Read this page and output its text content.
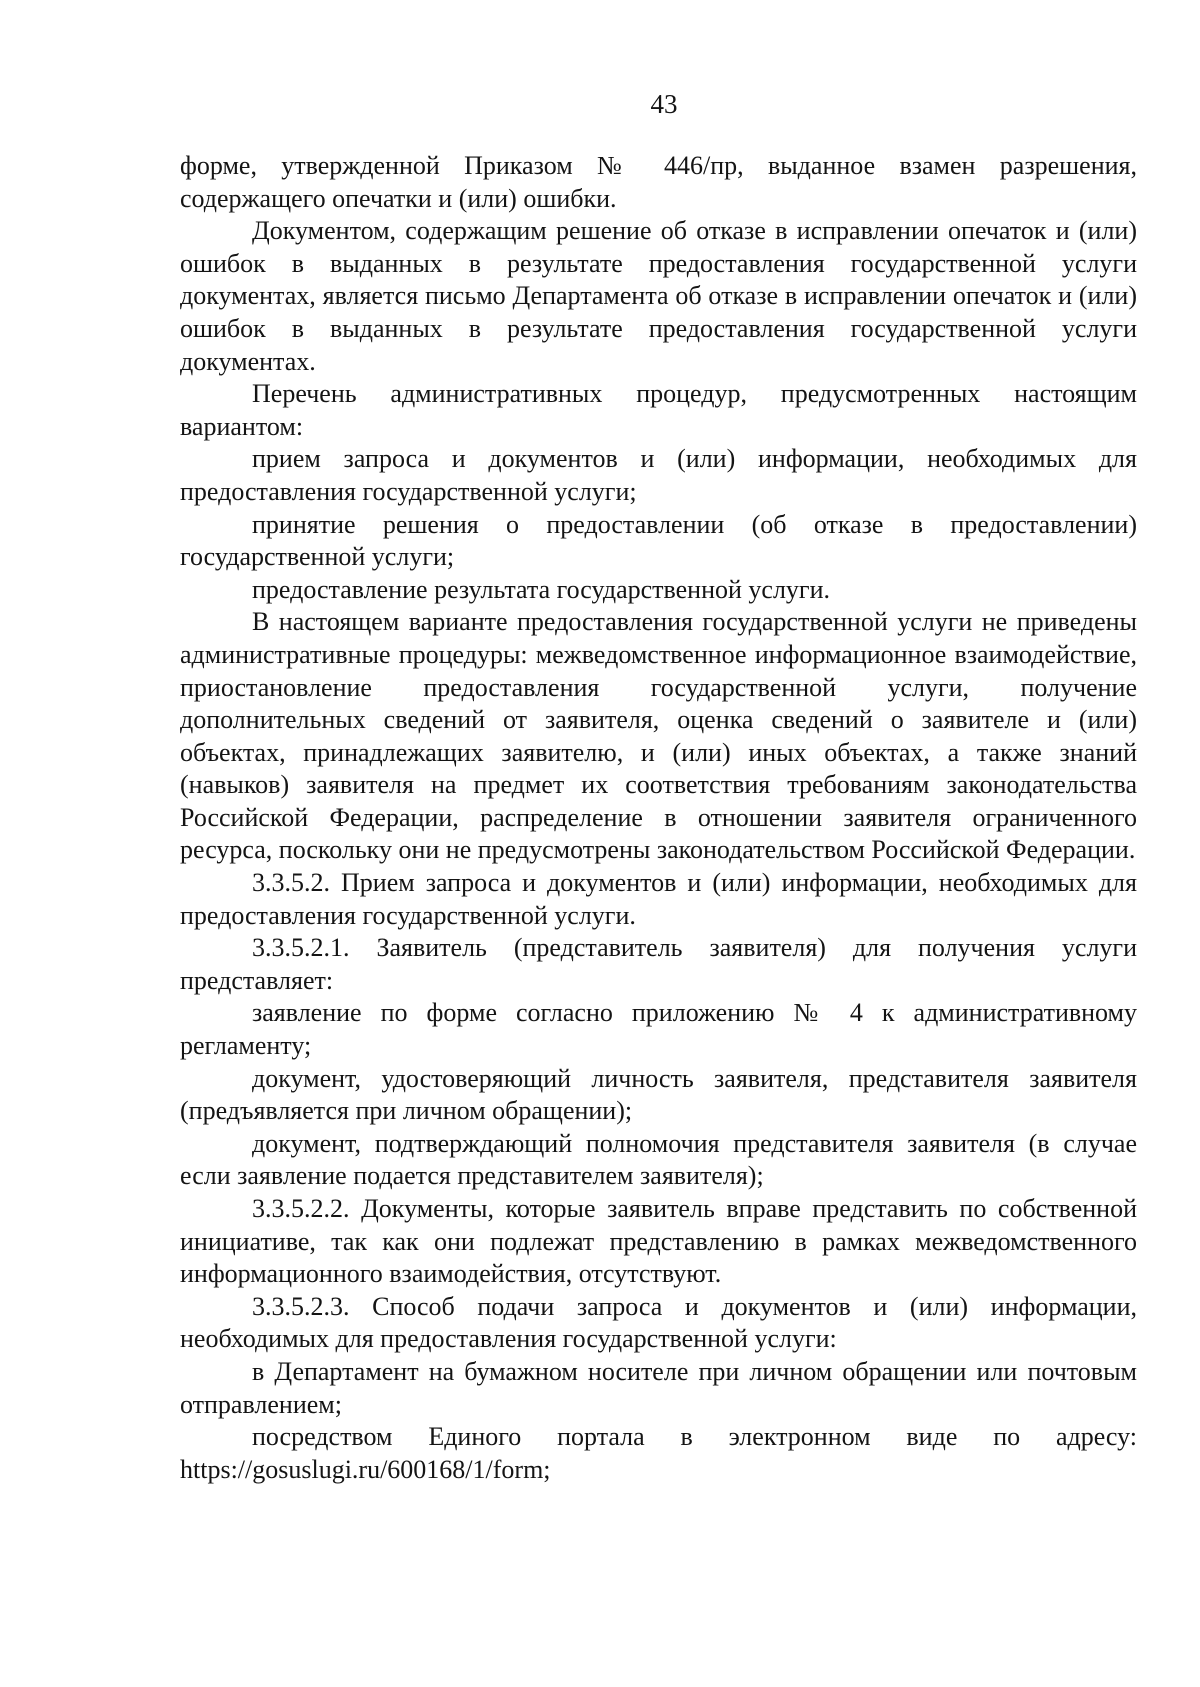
43

форме, утвержденной Приказом № 446/пр, выданное взамен разрешения, содержащего опечатки и (или) ошибки.

Документом, содержащим решение об отказе в исправлении опечаток и (или) ошибок в выданных в результате предоставления государственной услуги документах, является письмо Департамента об отказе в исправлении опечаток и (или) ошибок в выданных в результате предоставления государственной услуги документах.

Перечень административных процедур, предусмотренных настоящим вариантом:

прием запроса и документов и (или) информации, необходимых для предоставления государственной услуги;

принятие решения о предоставлении (об отказе в предоставлении) государственной услуги;

предоставление результата государственной услуги.

В настоящем варианте предоставления государственной услуги не приведены административные процедуры: межведомственное информационное взаимодействие, приостановление предоставления государственной услуги, получение дополнительных сведений от заявителя, оценка сведений о заявителе и (или) объектах, принадлежащих заявителю, и (или) иных объектах, а также знаний (навыков) заявителя на предмет их соответствия требованиям законодательства Российской Федерации, распределение в отношении заявителя ограниченного ресурса, поскольку они не предусмотрены законодательством Российской Федерации.

3.3.5.2. Прием запроса и документов и (или) информации, необходимых для предоставления государственной услуги.

3.3.5.2.1. Заявитель (представитель заявителя) для получения услуги представляет:

заявление по форме согласно приложению № 4 к административному регламенту;

документ, удостоверяющий личность заявителя, представителя заявителя (предъявляется при личном обращении);

документ, подтверждающий полномочия представителя заявителя (в случае если заявление подается представителем заявителя);

3.3.5.2.2. Документы, которые заявитель вправе представить по собственной инициативе, так как они подлежат представлению в рамках межведомственного информационного взаимодействия, отсутствуют.

3.3.5.2.3. Способ подачи запроса и документов и (или) информации, необходимых для предоставления государственной услуги:

в Департамент на бумажном носителе при личном обращении или почтовым отправлением;

посредством Единого портала в электронном виде по адресу: https://gosuslugi.ru/600168/1/form;
